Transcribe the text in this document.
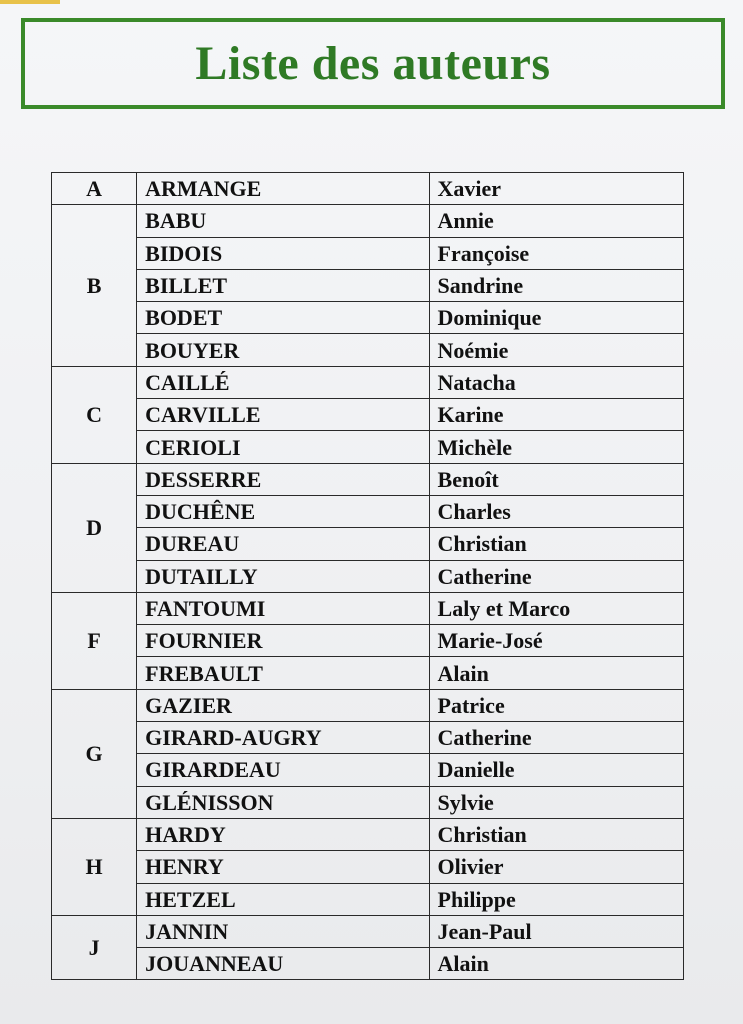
Liste des auteurs
A	ARMANGE	Xavier
B	BABU	Annie
	BIDOIS	Françoise
	BILLET	Sandrine
	BODET	Dominique
	BOUYER	Noémie
C	CAILLÉ	Natacha
	CARVILLE	Karine
	CERIOLI	Michèle
D	DESSERRE	Benoît
	DUCHÊNE	Charles
	DUREAU	Christian
	DUTAILLY	Catherine
F	FANTOUMI	Laly et Marco
	FOURNIER	Marie-José
	FREBAULT	Alain
G	GAZIER	Patrice
	GIRARD-AUGRY	Catherine
	GIRARDEAU	Danielle
	GLÉNISSON	Sylvie
H	HARDY	Christian
	HENRY	Olivier
	HETZEL	Philippe
J	JANNIN	Jean-Paul
	JOUANNEAU	Alain
